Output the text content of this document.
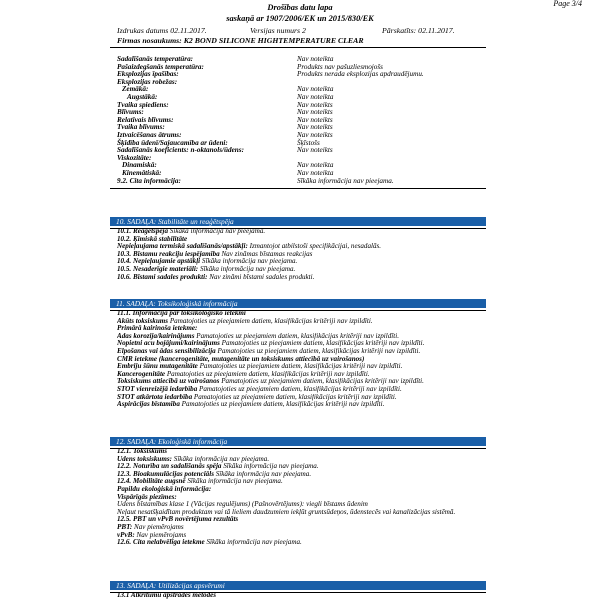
Page 3/4
Drošības datu lapa
saskaņā ar 1907/2006/EK un 2015/830/EK
Izdrukas datums 02.11.2017.	Versijas numurs 2	Pārskatīts: 02.11.2017.
Firmas nosaukums: K2 BOND SILICONE HIGHTEMPERATURE CLEAR
Sadalīšanās temperatūra:	Nav noteikta
Pašaizdegšanās temperatūra:	Produkts nav pašuzliesmojošs
Eksplozijas īpašības:	Produkts nerada eksplozijas apdraudējumu.
Eksplozijas robežas:
Zemākā:	Nav noteikta
Augstākā:	Nav noteikta
Tvaika spiediens:	Nav noteikts
Blīvums:	Nav noteikts
Relatīvais blīvums:	Nav noteikts
Tvaika blīvums:	Nav noteikts
Iztvaicēšanas ātrums:	Nav noteikts
Šķīdība ūdenī/Sajaucamība ar ūdeni:	Šķīstošs
Sadalīšanās koeficients: n-oktanols/ūdens:	Nav noteikts
Viskozitāte:
Dinamiskā:	Nav noteikta
Kinemātiskā:	Nav noteikta
9.2. Cita informācija:	Sīkāka informācija nav pieejama.
10. SADAĻA: Stabilitāte un reaģētspēja
10.1. Reaģētspēja Sīkāka informācija nav pieejama.
10.2. Ķīmiskā stabilitāte
Nepieļaujama termiskā sadalīšanās/apstākļi: Izmantojot atbilstoši specifikācijai, nesadalās.
10.3. Bīstamu reakciju iespējamība Nav zināmas bīstamas reakcijas
10.4. Nepieļaujamie apstākļi Sīkāka informācija nav pieejama.
10.5. Nesaderīgie materiāli: Sīkāka informācija nav pieejama.
10.6. Bīstami sadales produkti: Nav zināmi bīstami sadales produkti.
11. SADAĻA: Toksikoloģiskā informācija
11.1. Informācija par toksikoloģisko ietekmi
Akūts toksiskums Pamatojoties uz pieejamiem datiem, klasifikācijas kritēriji nav izpildīti.
Primārā kairinoša ietekme:
Ādas korozija/kairinājums Pamatojoties uz pieejamiem datiem, klasifikācijas kritēriji nav izpildīti.
Nopietni acu bojājumi/kairinājums Pamatojoties uz pieejamiem datiem, klasifikācijas kritēriji nav izpildīti.
Elpošanas vai ādas sensibilizācija Pamatojoties uz pieejamiem datiem, klasifikācijas kritēriji nav izpildīti.
CMR ietekme (kancerogenitāte, mutagenitāte un toksiskums attiecībā uz vairošanos)
Embriju šūnu mutagenitāte Pamatojoties uz pieejamiem datiem, klasifikācijas kritēriji nav izpildīti.
Kancerogenitāte Pamatojoties uz pieejamiem datiem, klasifikācijas kritēriji nav izpildīti.
Toksiskums attiecībā uz vairošanos Pamatojoties uz pieejamiem datiem, klasifikācijas kritēriji nav izpildīti.
STOT vienreizējā iedarbība Pamatojoties uz pieejamiem datiem, klasifikācijas kritēriji nav izpildīti.
STOT atkārtota iedarbība Pamatojoties uz pieejamiem datiem, klasifikācijas kritēriji nav izpildīti.
Aspirācijas bīstamība Pamatojoties uz pieejamiem datiem, klasifikācijas kritēriji nav izpildīti.
12. SADAĻA: Ekoloģiskā informācija
12.1. Toksiskums
Ūdens toksiskums: Sīkāka informācija nav pieejama.
12.2. Noturība un sadalīšanās spēja Sīkāka informācija nav pieejama.
12.3. Bioakumulācijas potenciāls Sīkāka informācija nav pieejama.
12.4. Mobilitāte augsnē Sīkāka informācija nav pieejama.
Papildu ekoloģiskā informācija:
Vispārīgās piezīmes:
Ūdens bīstamības klase 1 (Vācijas regulējums) (Pašnovērtējums): viegli bīstams ūdenim
Neļaut nesatšķaidītam produktam vai tā lieliem daudzumiem iekļūt gruntsūdeņos, ūdenstecēs vai kanalizācijas sistēmā.
12.5. PBT un vPvB novērtējuma rezultāts
PBT: Nav piemērojams
vPvB: Nav piemērojams
12.6. Cita nelabvēlīga ietekme Sīkāka informācija nav pieejama.
13. SADAĻA: Utilizācijas apsvērumi
13.1 Atkritumu apstrādes metodes
